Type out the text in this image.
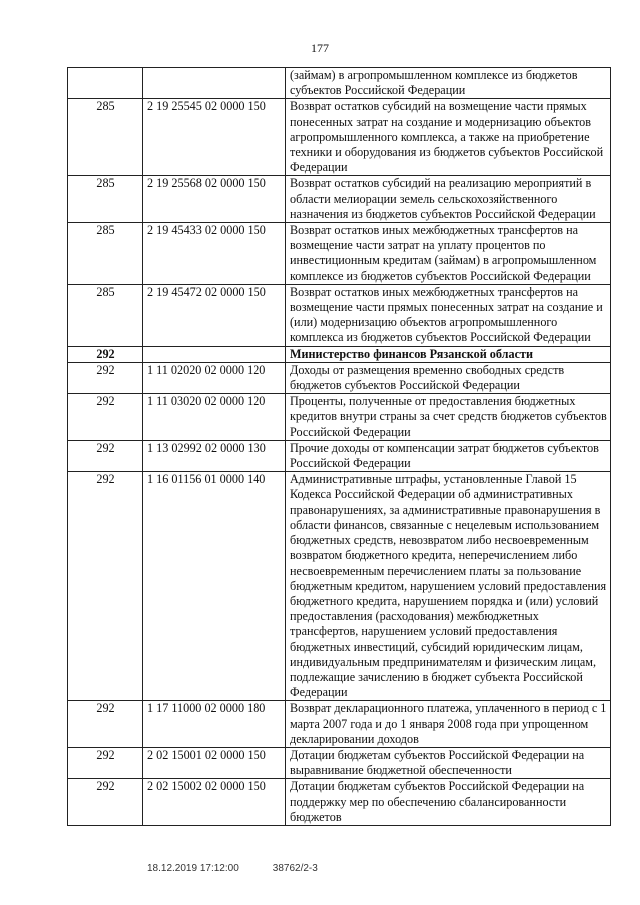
177
		(займам) в агропромышленном комплексе из бюджетов субъектов Российской Федерации
285	2 19 25545 02 0000 150	Возврат остатков субсидий на возмещение части прямых понесенных затрат на создание и модернизацию объектов агропромышленного комплекса, а также на приобретение техники и оборудования из бюджетов субъектов Российской Федерации
285	2 19 25568 02 0000 150	Возврат остатков субсидий на реализацию мероприятий в области мелиорации земель сельскохозяйственного назначения из бюджетов субъектов Российской Федерации
285	2 19 45433 02 0000 150	Возврат остатков иных межбюджетных трансфертов на возмещение части затрат на уплату процентов по инвестиционным кредитам (займам) в агропромышленном комплексе из бюджетов субъектов Российской Федерации
285	2 19 45472 02 0000 150	Возврат остатков иных межбюджетных трансфертов на возмещение части прямых понесенных затрат на создание и (или) модернизацию объектов агропромышленного комплекса из бюджетов субъектов Российской Федерации
292		Министерство финансов Рязанской области
292	1 11 02020 02 0000 120	Доходы от размещения временно свободных средств бюджетов субъектов Российской Федерации
292	1 11 03020 02 0000 120	Проценты, полученные от предоставления бюджетных кредитов внутри страны за счет средств бюджетов субъектов Российской Федерации
292	1 13 02992 02 0000 130	Прочие доходы от компенсации затрат бюджетов субъектов Российской Федерации
292	1 16 01156 01 0000 140	Административные штрафы, установленные Главой 15 Кодекса Российской Федерации об административных правонарушениях, за административные правонарушения в области финансов, связанные с нецелевым использованием бюджетных средств, невозвратом либо несвоевременным возвратом бюджетного кредита, неперечислением либо несвоевременным перечислением платы за пользование бюджетным кредитом, нарушением условий предоставления бюджетного кредита, нарушением порядка и (или) условий предоставления (расходования) межбюджетных трансфертов, нарушением условий предоставления бюджетных инвестиций, субсидий юридическим лицам, индивидуальным предпринимателям и физическим лицам, подлежащие зачислению в бюджет субъекта Российской Федерации
292	1 17 11000 02 0000 180	Возврат декларационного платежа, уплаченного в период с 1 марта 2007 года и до 1 января 2008 года при упрощенном декларировании доходов
292	2 02 15001 02 0000 150	Дотации бюджетам субъектов Российской Федерации на выравнивание бюджетной обеспеченности
292	2 02 15002 02 0000 150	Дотации бюджетам субъектов Российской Федерации на поддержку мер по обеспечению сбалансированности бюджетов
18.12.2019 17:12:00	38762/2-3
